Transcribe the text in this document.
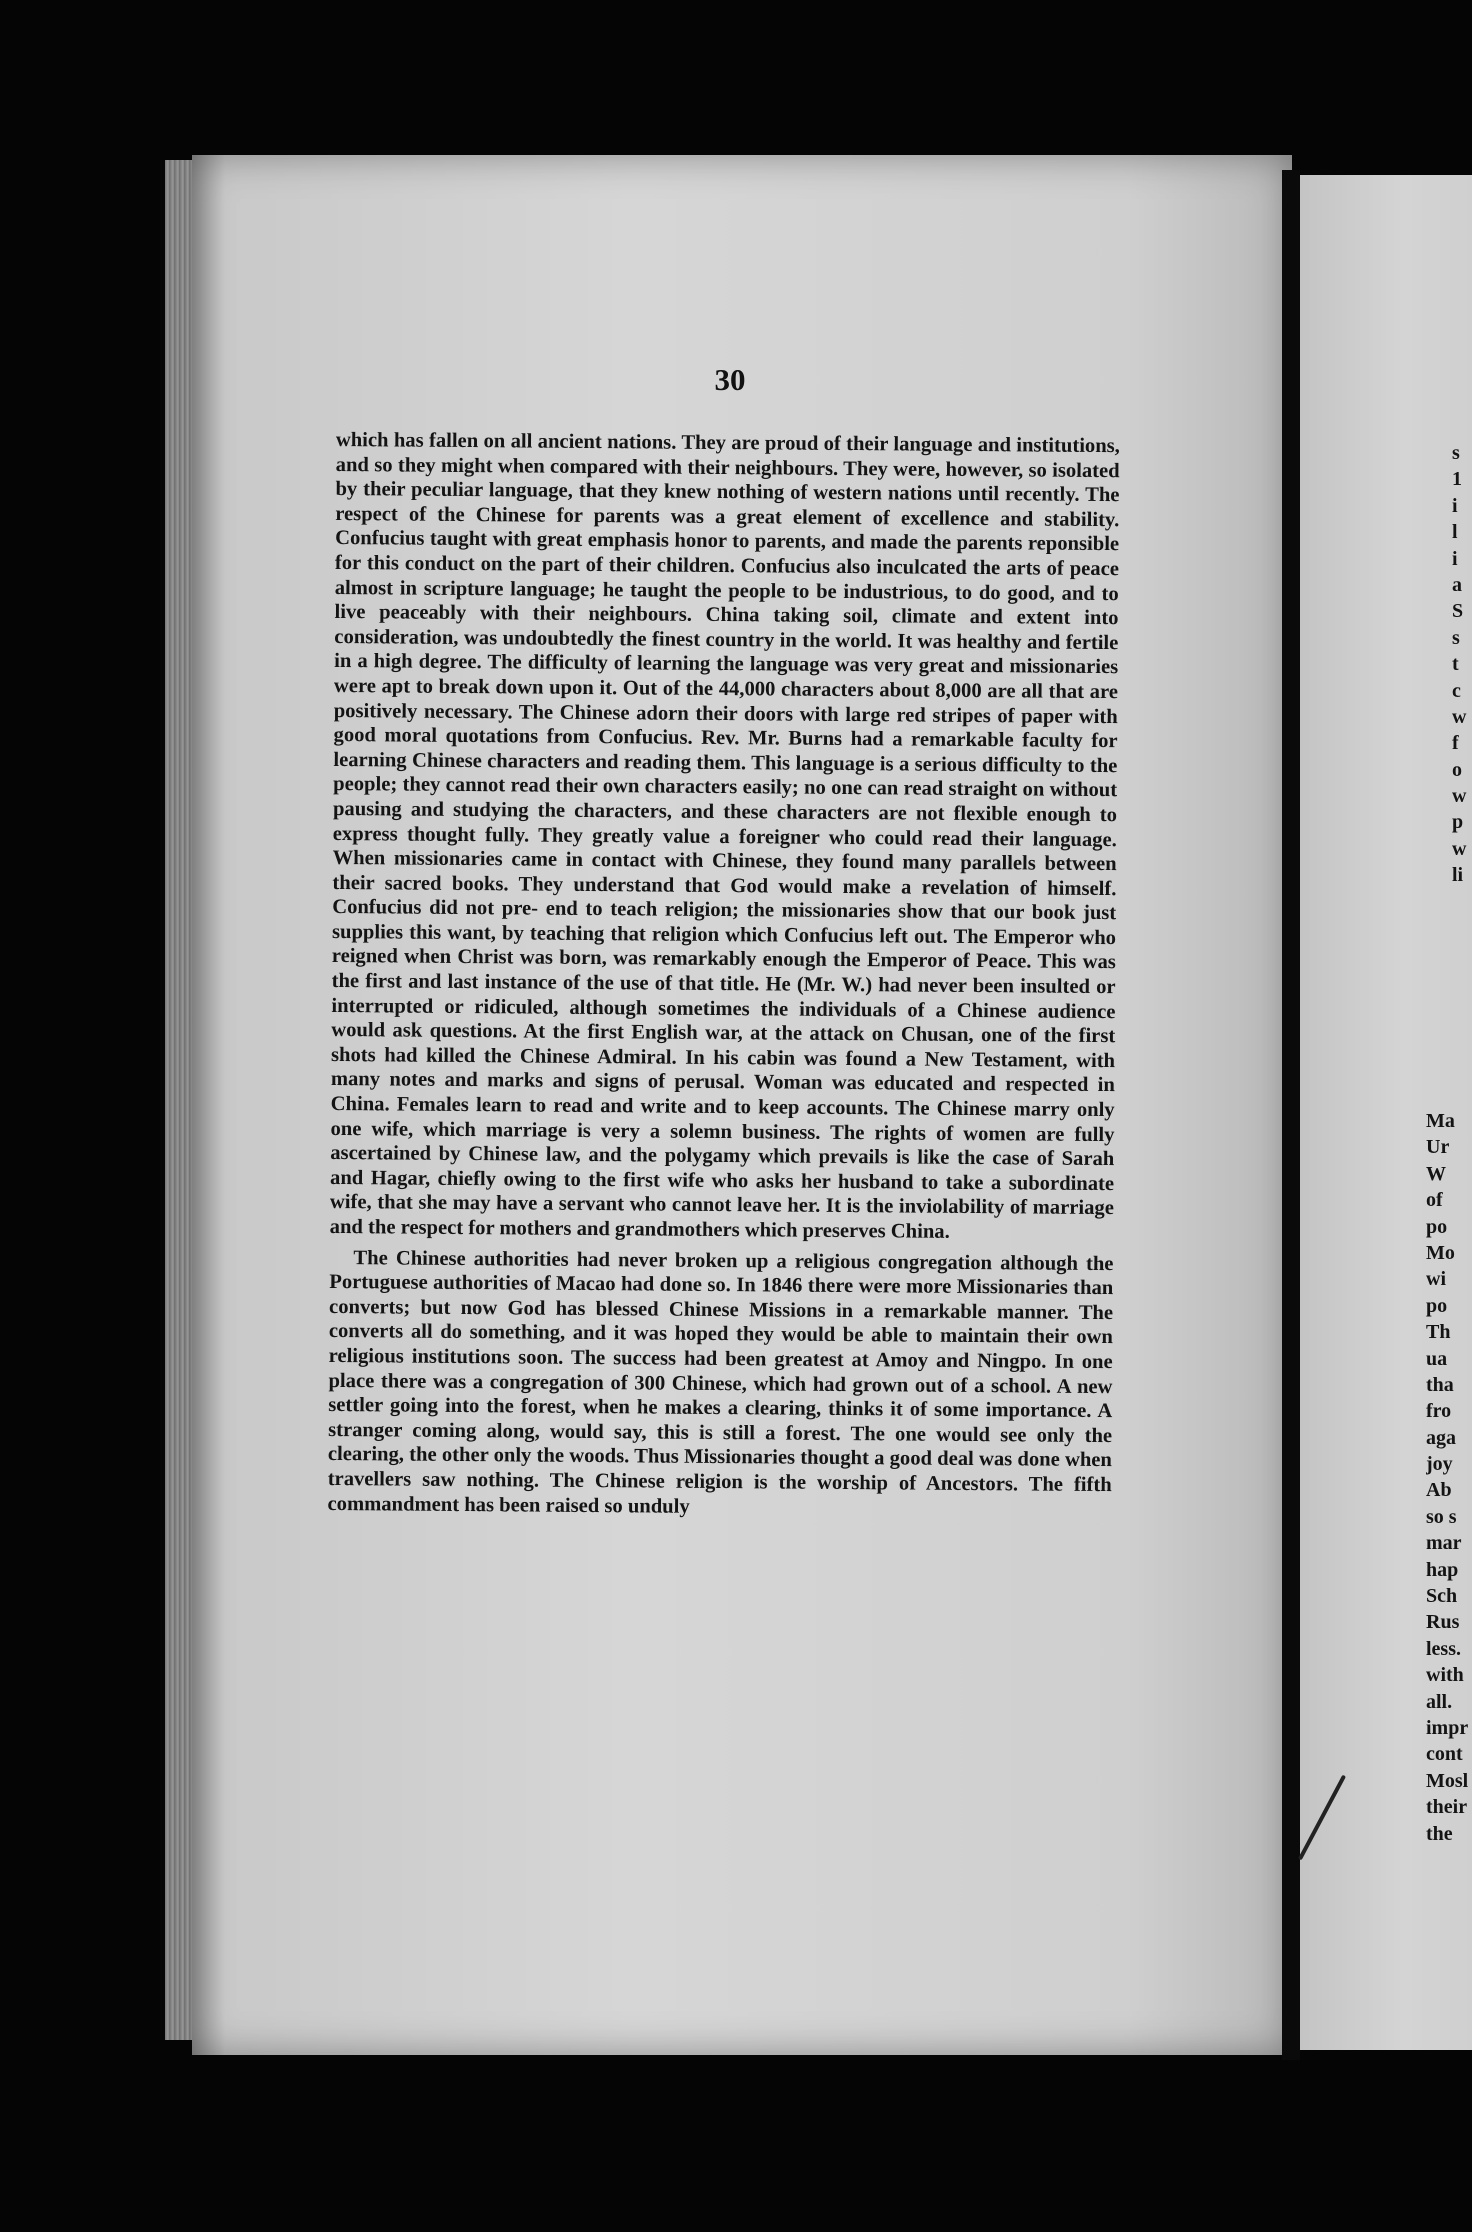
30

which has fallen on all ancient nations. They are proud of their language and institutions, and so they might when compared with their neighbours. They were, however, so isolated by their peculiar language, that they knew nothing of western nations until recently. The respect of the Chinese for parents was a great element of excellence and stability. Confucius taught with great emphasis honor to parents, and made the parents reponsible for this conduct on the part of their children. Confucius also inculcated the arts of peace almost in scripture language; he taught the people to be industrious, to do good, and to live peaceably with their neighbours. China taking soil, climate and extent into consideration, was undoubtedly the finest country in the world. It was healthy and fertile in a high degree. The difficulty of learning the language was very great and missionaries were apt to break down upon it. Out of the 44,000 characters about 8,000 are all that are positively necessary. The Chinese adorn their doors with large red stripes of paper with good moral quotations from Confucius. Rev. Mr. Burns had a remarkable faculty for learning Chinese characters and reading them. This language is a serious difficulty to the people; they cannot read their own characters easily; no one can read straight on without pausing and studying the characters, and these characters are not flexible enough to express thought fully. They greatly value a foreigner who could read their language. When missionaries came in contact with Chinese, they found many parallels between their sacred books. They understand that God would make a revelation of himself. Confucius did not pre- end to teach religion; the missionaries show that our book just supplies this want, by teaching that religion which Confucius left out. The Emperor who reigned when Christ was born, was remarkably enough the Emperor of Peace. This was the first and last instance of the use of that title. He (Mr. W.) had never been insulted or interrupted or ridiculed, although sometimes the individuals of a Chinese audience would ask questions. At the first English war, at the attack on Chusan, one of the first shots had killed the Chinese Admiral. In his cabin was found a New Testament, with many notes and marks and signs of perusal. Woman was educated and respected in China. Females learn to read and write and to keep accounts. The Chinese marry only one wife, which marriage is very a solemn business. The rights of women are fully ascertained by Chinese law, and the polygamy which prevails is like the case of Sarah and Hagar, chiefly owing to the first wife who asks her husband to take a subordinate wife, that she may have a servant who cannot leave her. It is the inviolability of marriage and the respect for mothers and grandmothers which preserves China.

The Chinese authorities had never broken up a religious congregation although the Portuguese authorities of Macao had done so. In 1846 there were more Missionaries than converts; but now God has blessed Chinese Missions in a remarkable manner. The converts all do something, and it was hoped they would be able to maintain their own religious institutions soon. The success had been greatest at Amoy and Ningpo. In one place there was a congregation of 300 Chinese, which had grown out of a school. A new settler going into the forest, when he makes a clearing, thinks it of some importance. A stranger coming along, would say, this is still a forest. The one would see only the clearing, the other only the woods. Thus Missionaries thought a good deal was done when travellers saw nothing. The Chinese religion is the worship of Ancestors. The fifth commandment has been raised so unduly

s
1
i
l
i
a
S
s
t
c
w
f
o
w
p
w
li
Ma
Ur
W
of
po
Mo
wi
po
Th
ua
tha
fro
aga
joy
Ab
so s
mar
hap
Sch
Rus
less.
with
all.
impr
cont
Mosl
their
the
